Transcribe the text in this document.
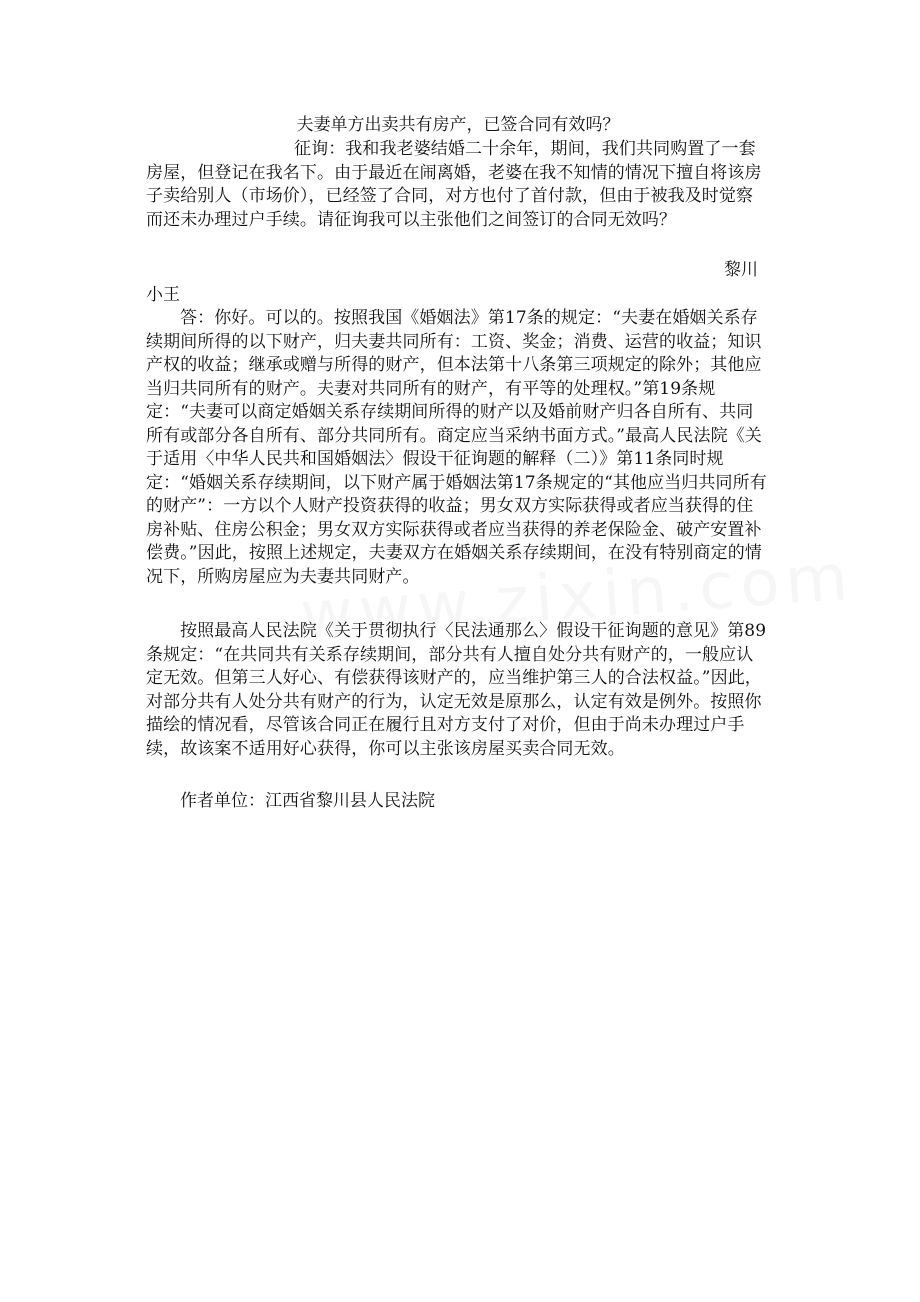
夫妻单方出卖共有房产，已签合同有效吗？
征询：我和我老婆结婚二十余年，期间，我们共同购置了一套房屋，但登记在我名下。由于最近在闹离婚，老婆在我不知情的情况下擅自将该房子卖给别人（市场价），已经签了合同，对方也付了首付款，但由于被我及时觉察而还未办理过户手续。请征询我可以主张他们之间签订的合同无效吗？
黎川
小王
答：你好。可以的。按照我国《婚姻法》第17条的规定：“夫妻在婚姻关系存续期间所得的以下财产，归夫妻共同所有：工资、奖金；消费、运营的收益；知识产权的收益；继承或赠与所得的财产，但本法第十八条第三项规定的除外；其他应当归共同所有的财产。夫妻对共同所有的财产，有平等的处理权。”第19条规定：“夫妻可以商定婚姻关系存续期间所得的财产以及婚前财产归各自所有、共同所有或部分各自所有、部分共同所有。商定应当采纳书面方式。”最高人民法院《关于适用〈中华人民共和国婚姻法〉假设干征询题的解释（二）》第11条同时规定：“婚姻关系存续期间，以下财产属于婚姻法第17条规定的“其他应当归共同所有的财产”：一方以个人财产投资获得的收益；男女双方实际获得或者应当获得的住房补贴、住房公积金；男女双方实际获得或者应当获得的养老保险金、破产安置补偿费。”因此，按照上述规定，夫妻双方在婚姻关系存续期间，在没有特别商定的情况下，所购房屋应为夫妻共同财产。
按照最高人民法院《关于贯彻执行〈民法通那么〉假设干征询题的意见》第89条规定：“在共同共有关系存续期间，部分共有人擅自处分共有财产的，一般应认定无效。但第三人好心、有偿获得该财产的，应当维护第三人的合法权益。”因此，对部分共有人处分共有财产的行为，认定无效是原那么，认定有效是例外。按照你描绘的情况看，尽管该合同正在履行且对方支付了对价，但由于尚未办理过户手续，故该案不适用好心获得，你可以主张该房屋买卖合同无效。
作者单位：江西省黎川县人民法院
